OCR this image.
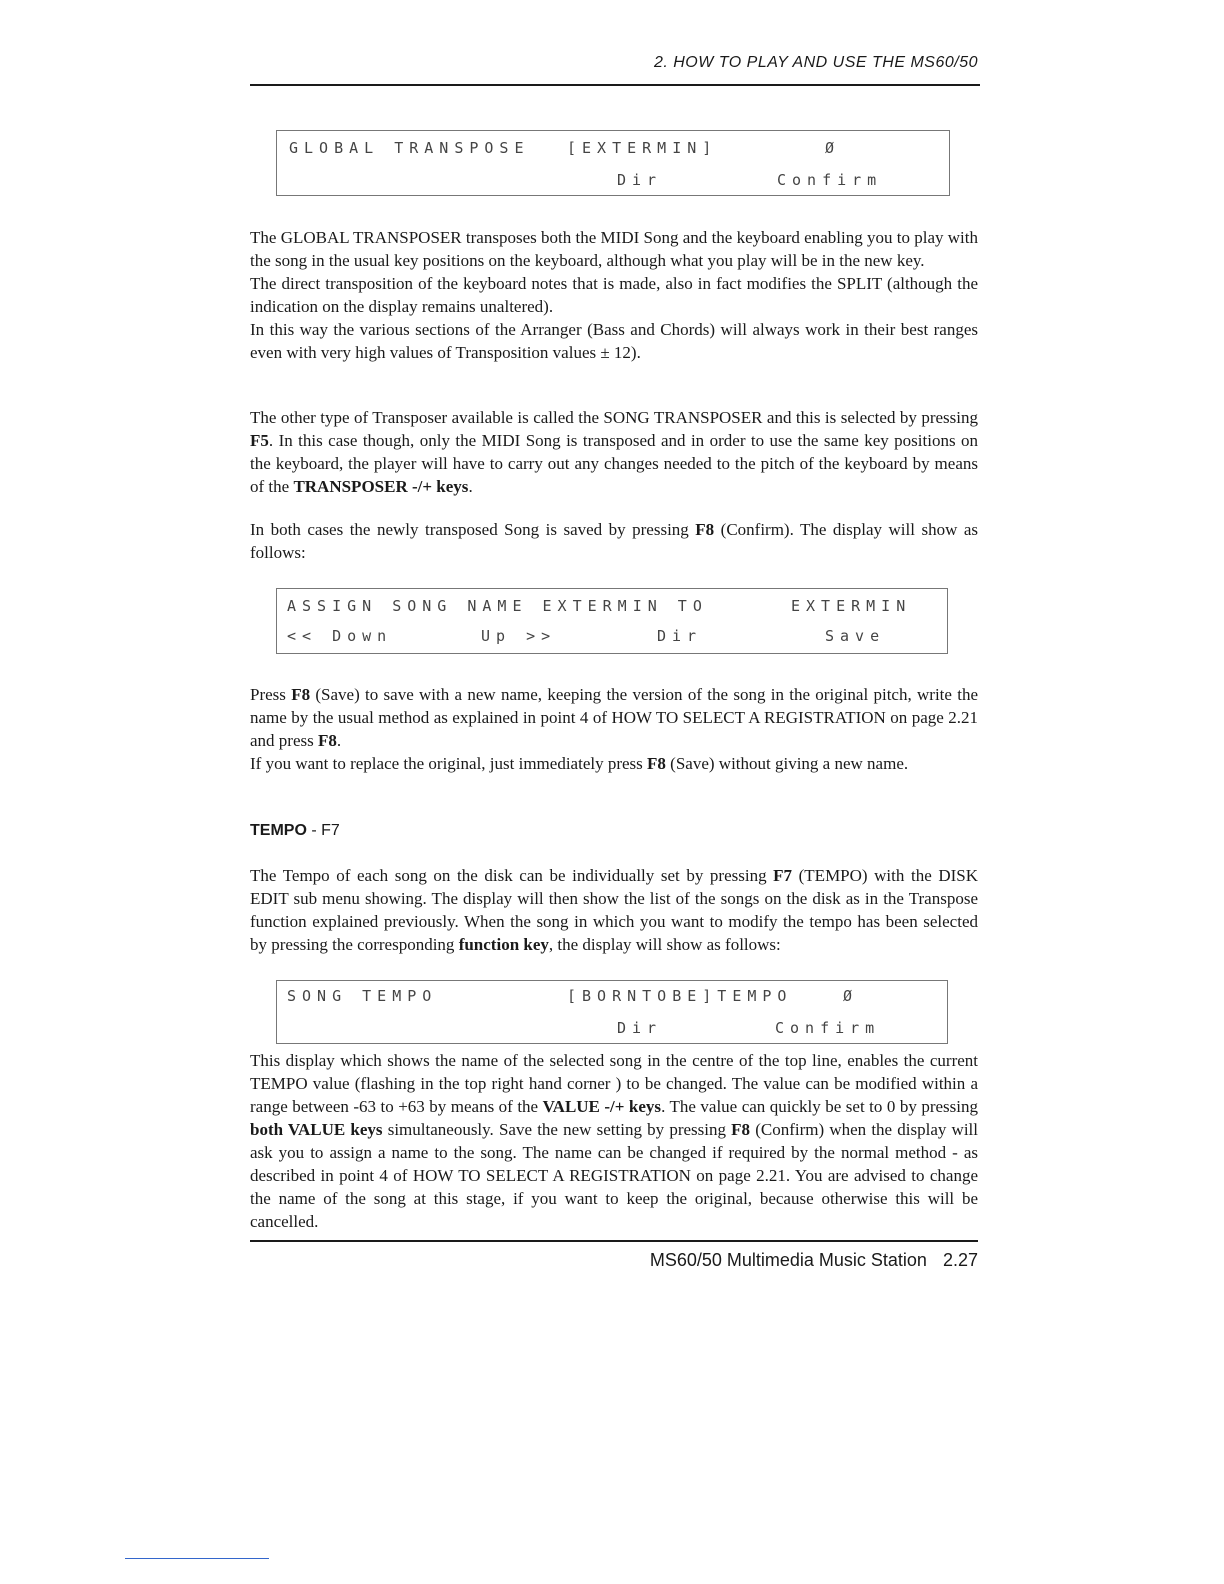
2. HOW TO PLAY AND USE THE MS60/50
GLOBAL TRANSPOSE	[EXTERMIN]	Ø
Dir	Confirm

The GLOBAL TRANSPOSER transposes both the MIDI Song and the keyboard enabling you to play with the song in the usual key positions on the keyboard, although what you play will be in the new key.

The direct transposition of the keyboard notes that is made, also in fact modifies the SPLIT (although the indication on the display remains unaltered).

In this way the various sections of the Arranger (Bass and Chords) will always work in their best ranges even with very high values of Transposition values ± 12).

The other type of Transposer available is called the SONG TRANSPOSER and this is selected by pressing F5. In this case though, only the MIDI Song is transposed and in order to use the same key positions on the keyboard, the player will have to carry out any changes needed to the pitch of the keyboard by means of the TRANSPOSER -/+ keys.

In both cases the newly transposed Song is saved by pressing F8 (Confirm). The display will show as follows:

ASSIGN SONG NAME EXTERMIN TO	EXTERMIN
<< Down	Up >>	Dir	Save

Press F8 (Save) to save with a new name, keeping the version of the song in the original pitch, write the name by the usual method as explained in point 4 of HOW TO SELECT A REGISTRATION on page 2.21 and press F8.

If you want to replace the original, just immediately press F8 (Save) without giving a new name.

TEMPO - F7

The Tempo of each song on the disk can be individually set by pressing F7 (TEMPO) with the DISK EDIT sub menu showing. The display will then show the list of the songs on the disk as in the Transpose function explained previously. When the song in which you want to modify the tempo has been selected by pressing the corresponding function key, the display will show as follows:

SONG TEMPO	[BORNTOBE]TEMPO	Ø
Dir	Confirm

This display which shows the name of the selected song in the centre of the top line, enables the current TEMPO value (flashing in the top right hand corner ) to be changed. The value can be modified within a range between -63 to +63 by means of the VALUE -/+ keys. The value can quickly be set to 0 by pressing both VALUE keys simultaneously. Save the new setting by pressing F8 (Confirm) when the display will ask you to assign a name to the song. The name can be changed if required by the normal method - as described in point 4 of HOW TO SELECT A REGISTRATION on page 2.21. You are advised to change the name of the song at this stage, if you want to keep the original, because otherwise this will be cancelled.

MS60/50 Multimedia Music Station 2.27
